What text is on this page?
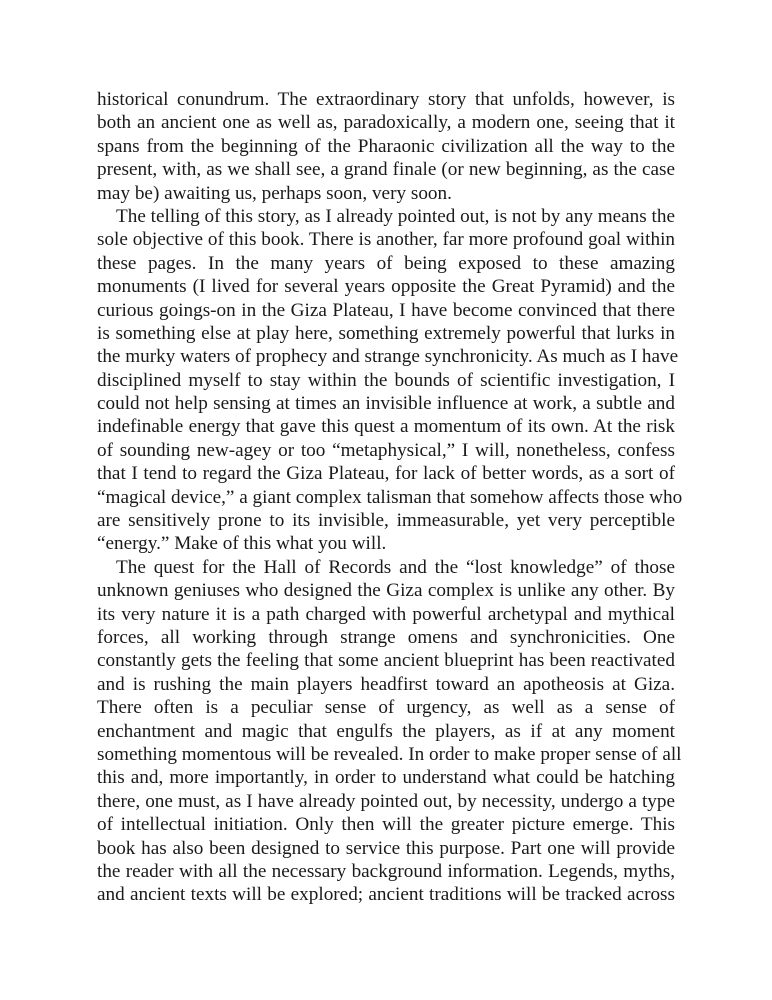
historical conundrum. The extraordinary story that unfolds, however, is
both an ancient one as well as, paradoxically, a modern one, seeing that it
spans from the beginning of the Pharaonic civilization all the way to the
present, with, as we shall see, a grand finale (or new beginning, as the case
may be) awaiting us, perhaps soon, very soon.
The telling of this story, as I already pointed out, is not by any means the
sole objective of this book. There is another, far more profound goal within
these pages. In the many years of being exposed to these amazing
monuments (I lived for several years opposite the Great Pyramid) and the
curious goings-on in the Giza Plateau, I have become convinced that there
is something else at play here, something extremely powerful that lurks in
the murky waters of prophecy and strange synchronicity. As much as I have
disciplined myself to stay within the bounds of scientific investigation, I
could not help sensing at times an invisible influence at work, a subtle and
indefinable energy that gave this quest a momentum of its own. At the risk
of sounding new-agey or too “metaphysical,” I will, nonetheless, confess
that I tend to regard the Giza Plateau, for lack of better words, as a sort of
“magical device,” a giant complex talisman that somehow affects those who
are sensitively prone to its invisible, immeasurable, yet very perceptible
“energy.” Make of this what you will.
The quest for the Hall of Records and the “lost knowledge” of those
unknown geniuses who designed the Giza complex is unlike any other. By
its very nature it is a path charged with powerful archetypal and mythical
forces, all working through strange omens and synchronicities. One
constantly gets the feeling that some ancient blueprint has been reactivated
and is rushing the main players headfirst toward an apotheosis at Giza.
There often is a peculiar sense of urgency, as well as a sense of
enchantment and magic that engulfs the players, as if at any moment
something momentous will be revealed. In order to make proper sense of all
this and, more importantly, in order to understand what could be hatching
there, one must, as I have already pointed out, by necessity, undergo a type
of intellectual initiation. Only then will the greater picture emerge. This
book has also been designed to service this purpose. Part one will provide
the reader with all the necessary background information. Legends, myths,
and ancient texts will be explored; ancient traditions will be tracked across
